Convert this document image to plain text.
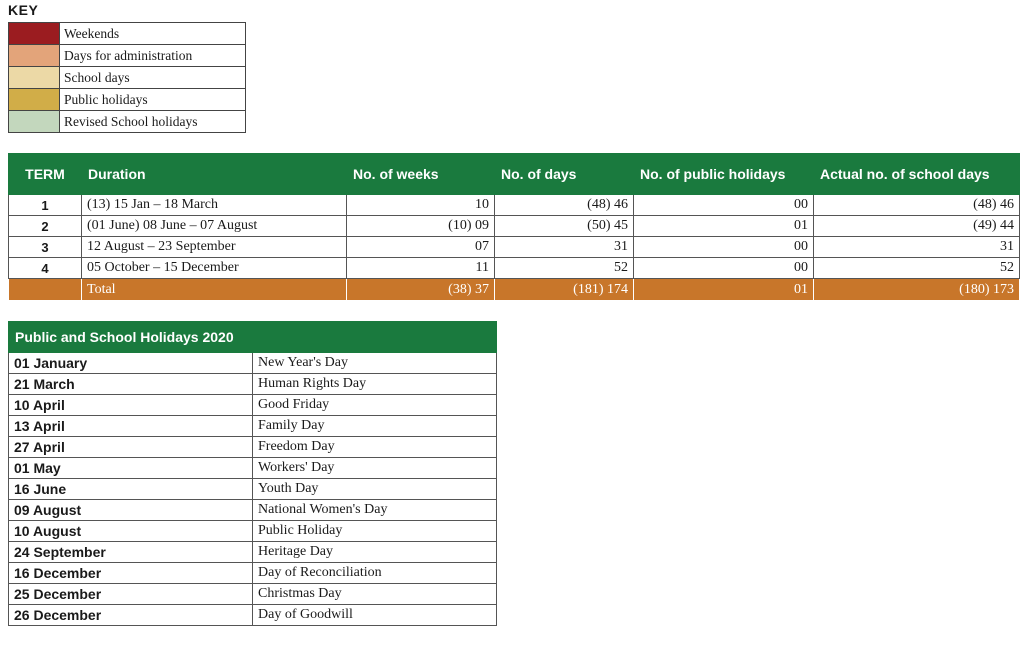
KEY
	Weekends
	Days for administration
	School days
	Public holidays
	Revised School holidays
TERM	Duration	No. of weeks	No. of days	No. of public holidays	Actual no. of school days
1	(13) 15 Jan – 18 March	10	(48) 46	00	(48) 46
2	(01 June) 08 June – 07 August	(10) 09	(50) 45	01	(49) 44
3	12 August – 23 September	07	31	00	31
4	05 October – 15 December	11	52	00	52
	Total	(38) 37	(181) 174	01	(180) 173
Public and School Holidays 2020	
01 January	New Year's Day
21 March	Human Rights Day
10 April	Good Friday
13 April	Family Day
27 April	Freedom Day
01 May	Workers' Day
16 June	Youth Day
09 August	National Women's Day
10 August	Public Holiday
24 September	Heritage Day
16 December	Day of Reconciliation
25 December	Christmas Day
26 December	Day of Goodwill
